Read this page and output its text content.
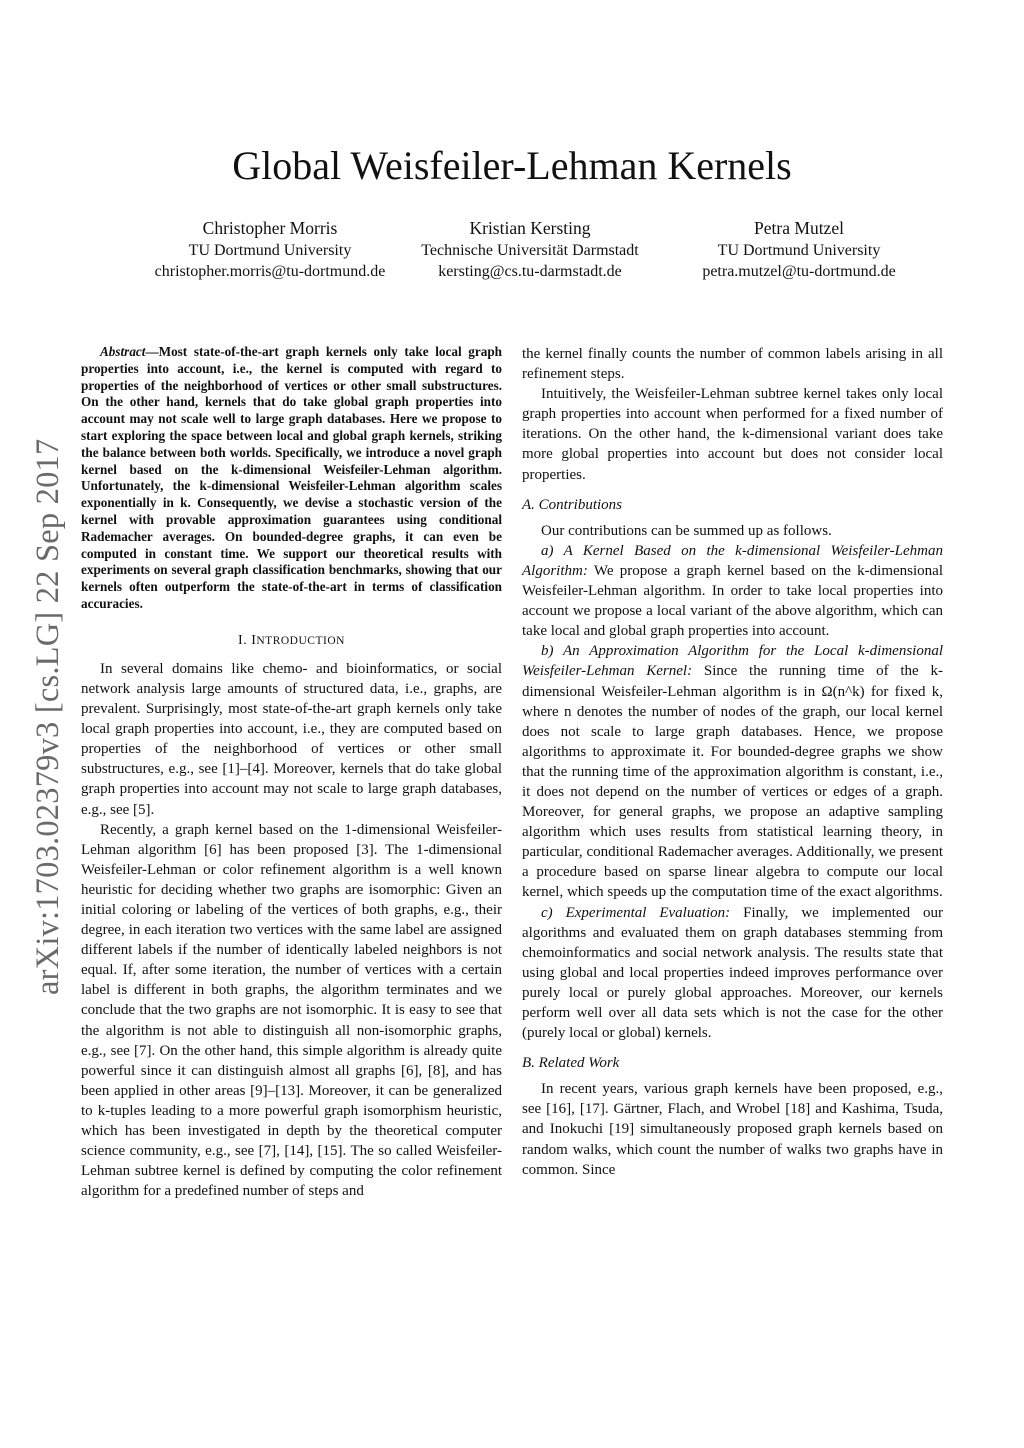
arXiv:1703.02379v3 [cs.LG] 22 Sep 2017
Global Weisfeiler-Lehman Kernels
Christopher Morris
TU Dortmund University
christopher.morris@tu-dortmund.de
Kristian Kersting
Technische Universität Darmstadt
kersting@cs.tu-darmstadt.de
Petra Mutzel
TU Dortmund University
petra.mutzel@tu-dortmund.de

Abstract—Most state-of-the-art graph kernels only take local graph properties into account, i.e., the kernel is computed with regard to properties of the neighborhood of vertices or other small substructures. On the other hand, kernels that do take global graph properties into account may not scale well to large graph databases. Here we propose to start exploring the space between local and global graph kernels, striking the balance between both worlds. Specifically, we introduce a novel graph kernel based on the k-dimensional Weisfeiler-Lehman algorithm. Unfortunately, the k-dimensional Weisfeiler-Lehman algorithm scales exponentially in k. Consequently, we devise a stochastic version of the kernel with provable approximation guarantees using conditional Rademacher averages. On bounded-degree graphs, it can even be computed in constant time. We support our theoretical results with experiments on several graph classification benchmarks, showing that our kernels often outperform the state-of-the-art in terms of classification accuracies.

I. INTRODUCTION

In several domains like chemo- and bioinformatics, or social network analysis large amounts of structured data, i.e., graphs, are prevalent. Surprisingly, most state-of-the-art graph kernels only take local graph properties into account, i.e., they are computed based on properties of the neighborhood of vertices or other small substructures, e.g., see [1]–[4]. Moreover, kernels that do take global graph properties into account may not scale to large graph databases, e.g., see [5].

Recently, a graph kernel based on the 1-dimensional Weisfeiler-Lehman algorithm [6] has been proposed [3]. The 1-dimensional Weisfeiler-Lehman or color refinement algorithm is a well known heuristic for deciding whether two graphs are isomorphic: Given an initial coloring or labeling of the vertices of both graphs, e.g., their degree, in each iteration two vertices with the same label are assigned different labels if the number of identically labeled neighbors is not equal. If, after some iteration, the number of vertices with a certain label is different in both graphs, the algorithm terminates and we conclude that the two graphs are not isomorphic. It is easy to see that the algorithm is not able to distinguish all non-isomorphic graphs, e.g., see [7]. On the other hand, this simple algorithm is already quite powerful since it can distinguish almost all graphs [6], [8], and has been applied in other areas [9]–[13]. Moreover, it can be generalized to k-tuples leading to a more powerful graph isomorphism heuristic, which has been investigated in depth by the theoretical computer science community, e.g., see [7], [14], [15]. The so called Weisfeiler-Lehman subtree kernel is defined by computing the color refinement algorithm for a predefined number of steps and

the kernel finally counts the number of common labels arising in all refinement steps.

Intuitively, the Weisfeiler-Lehman subtree kernel takes only local graph properties into account when performed for a fixed number of iterations. On the other hand, the k-dimensional variant does take more global properties into account but does not consider local properties.

A. Contributions

Our contributions can be summed up as follows.

a) A Kernel Based on the k-dimensional Weisfeiler-Lehman Algorithm: We propose a graph kernel based on the k-dimensional Weisfeiler-Lehman algorithm. In order to take local properties into account we propose a local variant of the above algorithm, which can take local and global graph properties into account.

b) An Approximation Algorithm for the Local k-dimensional Weisfeiler-Lehman Kernel: Since the running time of the k-dimensional Weisfeiler-Lehman algorithm is in Ω(n^k) for fixed k, where n denotes the number of nodes of the graph, our local kernel does not scale to large graph databases. Hence, we propose algorithms to approximate it. For bounded-degree graphs we show that the running time of the approximation algorithm is constant, i.e., it does not depend on the number of vertices or edges of a graph. Moreover, for general graphs, we propose an adaptive sampling algorithm which uses results from statistical learning theory, in particular, conditional Rademacher averages. Additionally, we present a procedure based on sparse linear algebra to compute our local kernel, which speeds up the computation time of the exact algorithms.

c) Experimental Evaluation: Finally, we implemented our algorithms and evaluated them on graph databases stemming from chemoinformatics and social network analysis. The results state that using global and local properties indeed improves performance over purely local or purely global approaches. Moreover, our kernels perform well over all data sets which is not the case for the other (purely local or global) kernels.

B. Related Work

In recent years, various graph kernels have been proposed, e.g., see [16], [17]. Gärtner, Flach, and Wrobel [18] and Kashima, Tsuda, and Inokuchi [19] simultaneously proposed graph kernels based on random walks, which count the number of walks two graphs have in common. Since
